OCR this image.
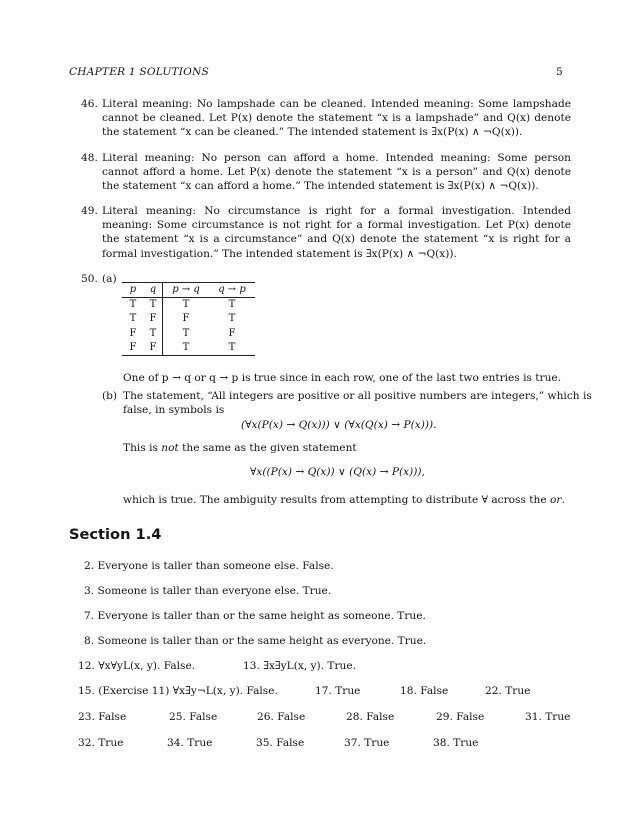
CHAPTER 1 SOLUTIONS	5
46. Literal meaning: No lampshade can be cleaned. Intended meaning: Some lampshade cannot be cleaned. Let P(x) denote the statement “x is a lampshade” and Q(x) denote the statement “x can be cleaned.” The intended statement is ∃x(P(x) ∧ ¬Q(x)).
48. Literal meaning: No person can afford a home. Intended meaning: Some person cannot afford a home. Let P(x) denote the statement “x is a person” and Q(x) denote the statement “x can afford a home.” The intended statement is ∃x(P(x) ∧ ¬Q(x)).
49. Literal meaning: No circumstance is right for a formal investigation. Intended meaning: Some circumstance is not right for a formal investigation. Let P(x) denote the statement “x is a circumstance” and Q(x) denote the statement “x is right for a formal investigation.” The intended statement is ∃x(P(x) ∧ ¬Q(x)).
50. (a)
p	q	p → q	q → p
T	T	T	T
T	F	F	T
F	T	T	F
F	F	T	T
One of p → q or q → p is true since in each row, one of the last two entries is true.
(b) The statement, “All integers are positive or all positive numbers are integers,” which is
false, in symbols is
(∀x(P(x) → Q(x))) ∨ (∀x(Q(x) → P(x))).
This is not the same as the given statement
∀x((P(x) → Q(x)) ∨ (Q(x) → P(x))),
which is true. The ambiguity results from attempting to distribute ∀ across the or.
Section 1.4
2. Everyone is taller than someone else. False.
3. Someone is taller than everyone else. True.
7. Everyone is taller than or the same height as someone. True.
8. Someone is taller than or the same height as everyone. True.
12. ∀x∀yL(x, y). False.	13. ∃x∃yL(x, y). True.
15. (Exercise 11) ∀x∃y¬L(x, y). False.	17. True	18. False	22. True
23. False	25. False	26. False	28. False	29. False	31. True
32. True	34. True	35. False	37. True	38. True
